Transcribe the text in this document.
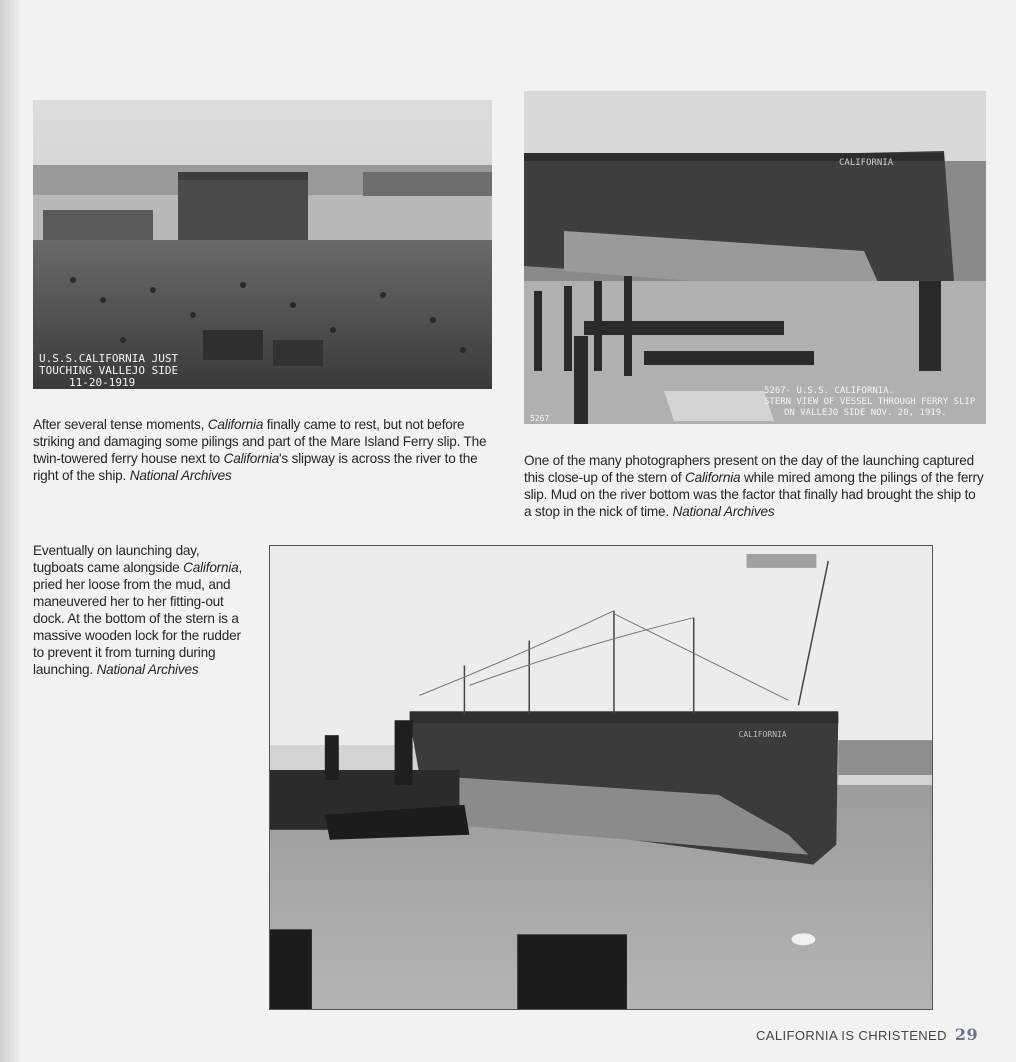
U.S.S.CALIFORNIA JUST
TOUCHING VALLEJO SIDE
11-20-1919
CALIFORNIA
5267- U.S.S. CALIFORNIA.
STERN VIEW OF VESSEL THROUGH FERRY SLIP
ON VALLEJO SIDE NOV. 20, 1919.
5267
After several tense moments, California finally came to rest, but not before striking and damaging some pilings and part of the Mare Island Ferry slip. The twin-towered ferry house next to California's slipway is across the river to the right of the ship. National Archives
One of the many photographers present on the day of the launching captured this close-up of the stern of California while mired among the pilings of the ferry slip. Mud on the river bottom was the factor that finally had brought the ship to a stop in the nick of time. National Archives
Eventually on launching day, tugboats came alongside California, pried her loose from the mud, and maneuvered her to her fitting-out dock. At the bottom of the stern is a massive wooden lock for the rudder to prevent it from turning during launching. National Archives
CALIFORNIA
CALIFORNIA IS CHRISTENED 29
